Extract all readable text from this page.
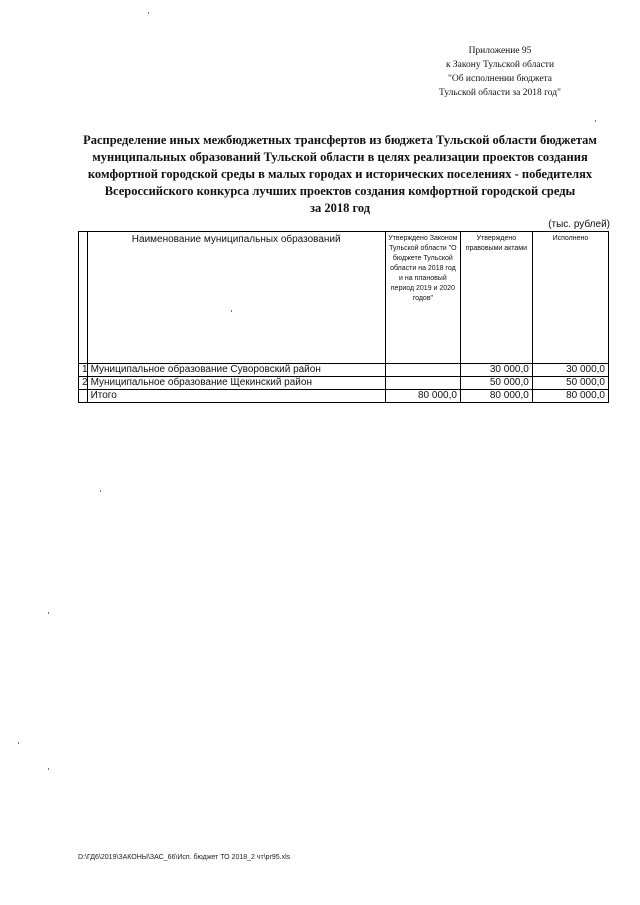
Приложение 95
к Закону Тульской области
"Об исполнении бюджета
Тульской области за 2018 год"
Распределение иных межбюджетных трансфертов из бюджета Тульской области бюджетам
муниципальных образований Тульской области в целях реализации проектов создания
комфортной городской среды в малых городах и исторических поселениях - победителях
Всероссийского конкурса лучших проектов создания комфортной городской среды
за 2018 год
(тыс. рублей)
	Наименование муниципальных образований	Утверждено Законом Тульской области "О бюджете Тульской области на 2018 год и на плановый период 2019 и 2020 годов"	Утверждено правовыми актами	Исполнено
1	Муниципальное образование Суворовский район		30 000,0	30 000,0
2	Муниципальное образование Щекинский район		50 000,0	50 000,0
	Итого	80 000,0	80 000,0	80 000,0
D:\ГД6\2019\ЗАКОНЫ\ЗАС_66\Исп. бюджет ТО 2018_2 чт\pr95.xls
